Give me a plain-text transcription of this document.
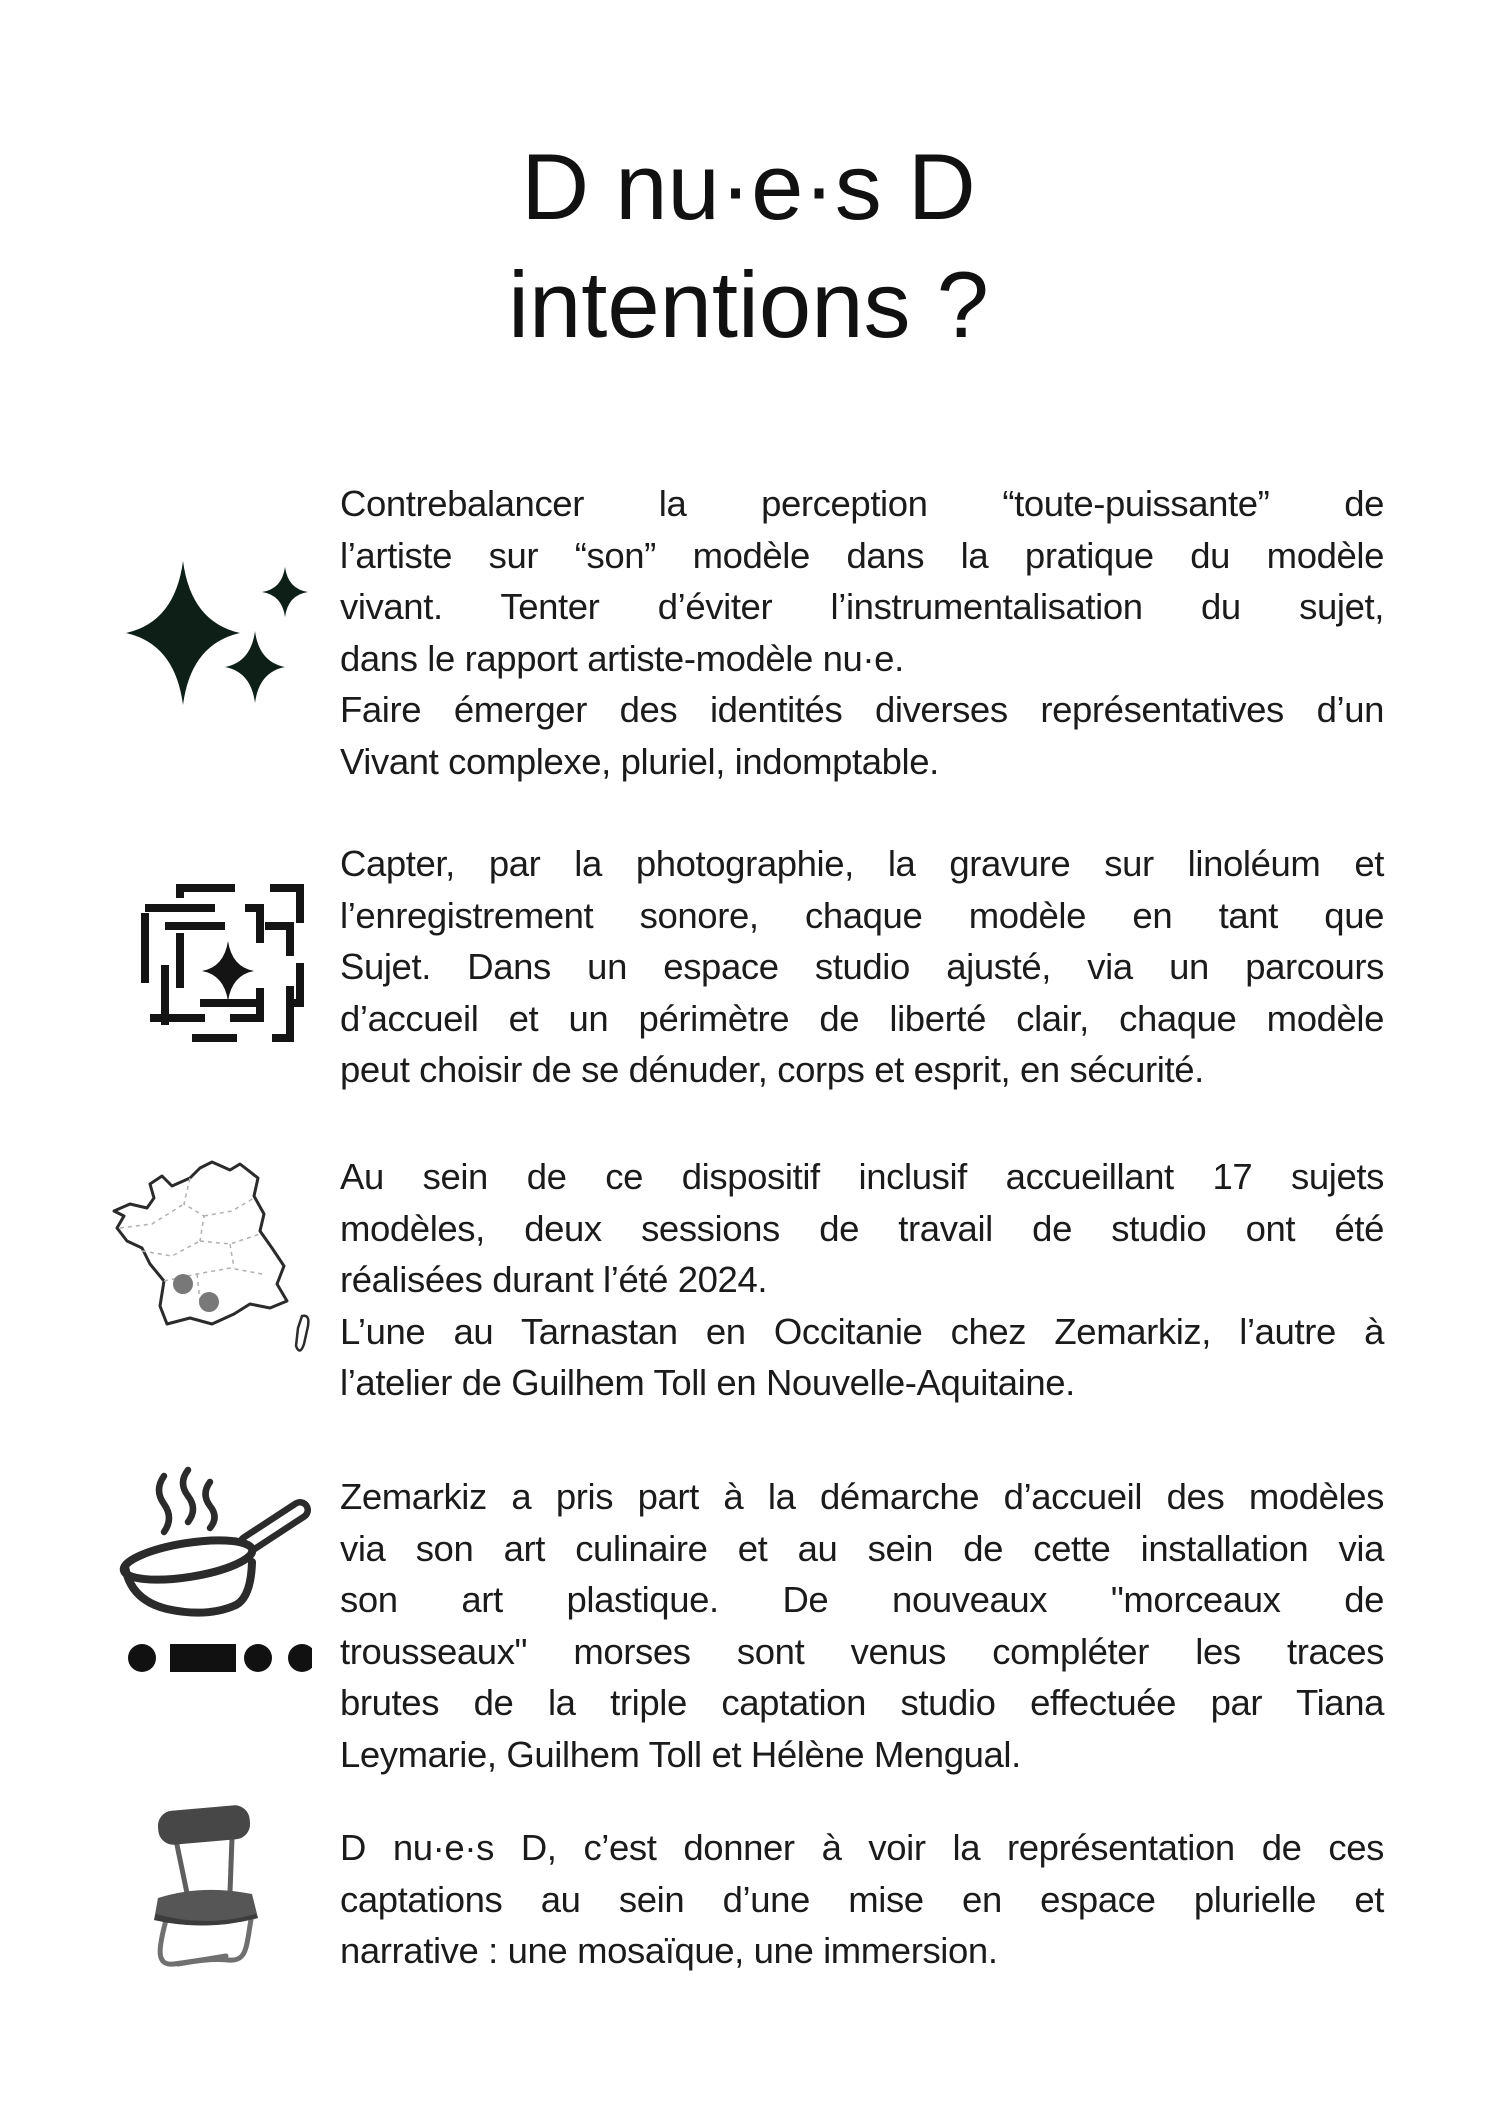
D nu·e·s D
intentions ?
Contrebalancer la perception “toute-puissante” de
l’artiste sur “son” modèle dans la pratique du modèle
vivant. Tenter d’éviter l’instrumentalisation du sujet,
dans le rapport artiste-modèle nu·e.
Faire émerger des identités diverses représentatives d’un
Vivant complexe, pluriel, indomptable.
Capter, par la photographie, la gravure sur linoléum et
l’enregistrement sonore, chaque modèle en tant que
Sujet. Dans un espace studio ajusté, via un parcours
d’accueil et un périmètre de liberté clair, chaque modèle
peut choisir de se dénuder, corps et esprit, en sécurité.
Au sein de ce dispositif inclusif accueillant 17 sujets
modèles, deux sessions de travail de studio ont été
réalisées durant l’été 2024.
L’une au Tarnastan en Occitanie chez Zemarkiz, l’autre à
l’atelier de Guilhem Toll en Nouvelle-Aquitaine.
Zemarkiz a pris part à la démarche d’accueil des modèles
via son art culinaire et au sein de cette installation via
son art plastique. De nouveaux "morceaux de
trousseaux" morses sont venus compléter les traces
brutes de la triple captation studio effectuée par Tiana
Leymarie, Guilhem Toll et Hélène Mengual.
D nu·e·s D, c’est donner à voir la représentation de ces
captations au sein d’une mise en espace plurielle et
narrative : une mosaïque, une immersion.
